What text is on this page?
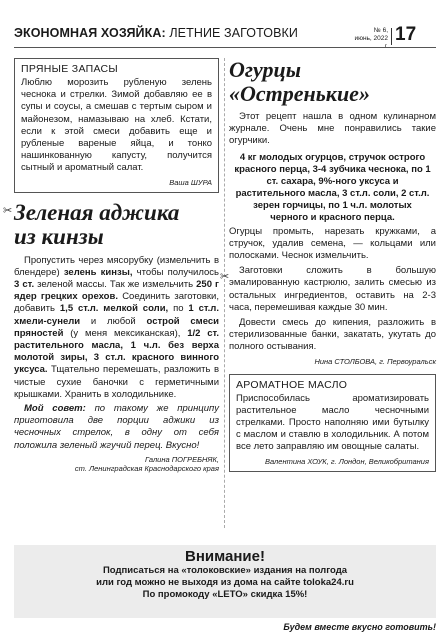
ЭКОНОМНАЯ ХОЗЯЙКА: ЛЕТНИЕ ЗАГОТОВКИ	№ 6,
июнь, 2022 17
✂
✂
ПРЯНЫЕ ЗАПАСЫ

Люблю морозить рубленую зелень чеснока и стрелки. Зимой добавляю ее в супы и соусы, а смешав с тертым сыром и майонезом, намазываю на хлеб. Кстати, если к этой смеси добавить еще и рубленые вареные яйца, и тонко нашинкованную капусту, получится сытный и ароматный салат.

Ваша ШУРА
Зеленая аджика
из кинзы

Пропустить через мясорубку (измельчить в блендере) зелень кинзы, чтобы получилось 3 ст. зеленой массы. Так же измельчить 250 г ядер грецких орехов. Соединить заготовки, добавить 1,5 ст.л. мелкой соли, по 1 ст.л. хмели-сунели и любой острой смеси пряностей (у меня мексиканская), 1/2 ст. растительного масла, 1 ч.л. без верха молотой зиры, 3 ст.л. красного винного уксуса. Тщательно перемешать, разложить в чистые сухие баночки с герметичными крышками. Хранить в холодильнике.

Мой совет: по такому же принципу приготовила две порции аджики из чесночных стрелок, в одну от себя положила зеленый жгучий перец. Вкусно!

Галина ПОГРЕБНЯК,
ст. Ленинградская Краснодарского края
Огурцы
«Остренькие»

Этот рецепт нашла в одном кулинарном журнале. Очень мне понравились такие огурчики.

4 кг молодых огурцов, стручок острого красного перца, 3-4 зубчика чеснока, по 1 ст. сахара, 9%-ного уксуса и растительного масла, 3 ст.л. соли, 2 ст.л. зерен горчицы, по 1 ч.л. молотых черного и красного перца.

Огурцы промыть, нарезать кружками, а стручок, удалив семена, — кольцами или полосками. Чеснок измельчить.

Заготовки сложить в большую эмалированную кастрюлю, залить смесью из остальных ингредиентов, оставить на 2-3 часа, перемешивая каждые 30 мин.

Довести смесь до кипения, разложить в стерилизованные банки, закатать, укутать до полного остывания.

Нина СТОЛБОВА, г. Первоуральск
АРОМАТНОЕ МАСЛО

Приспособилась ароматизировать растительное масло чесночными стрелками. Просто наполняю ими бутылку с маслом и ставлю в холодильник. А потом все лето заправляю им овощные салаты.

Валентина ХОУК, г. Лондон, Великобритания
Внимание!
Подписаться на «толоковские» издания на полгода
или год можно не выходя из дома на сайте toloka24.ru
По промокоду «LETO» скидка 15%!
Будем вместе вкусно готовить!
